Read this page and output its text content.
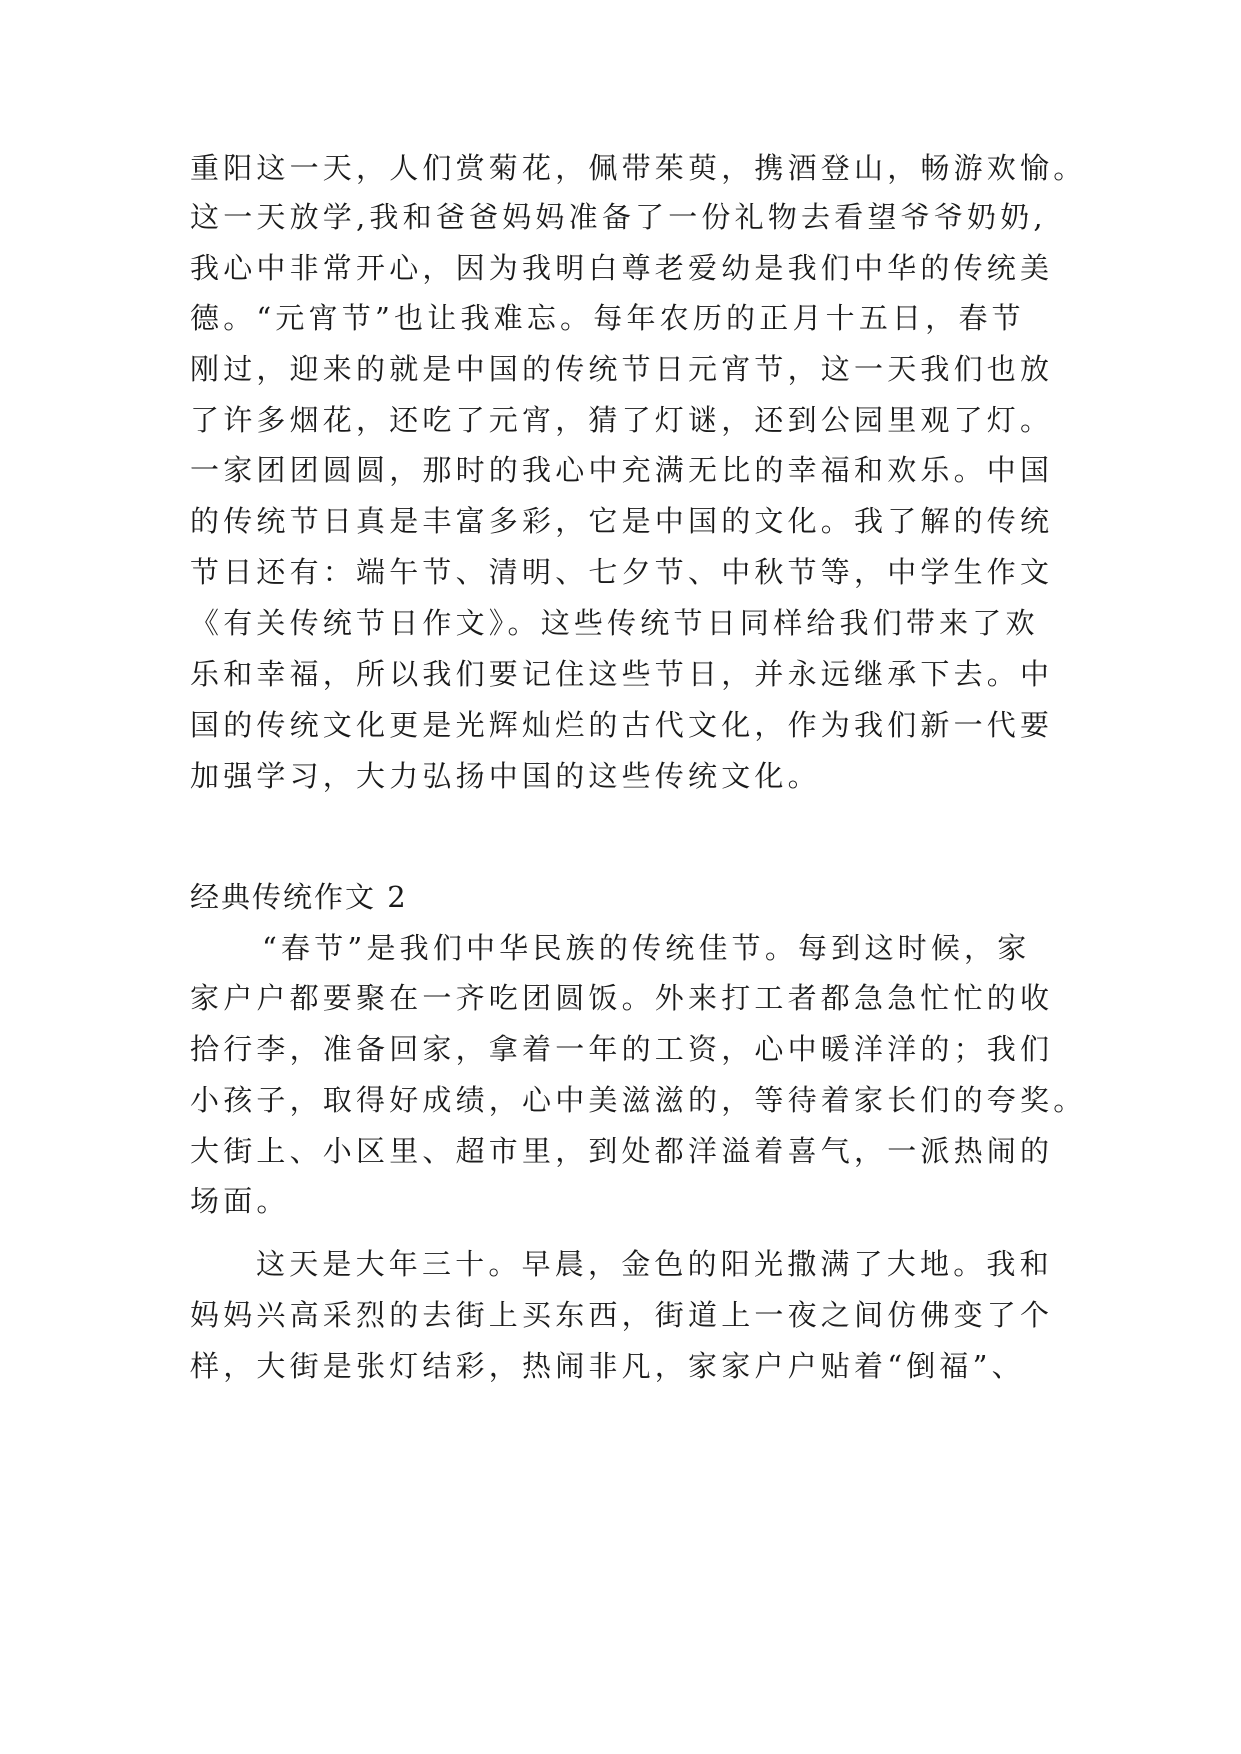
重阳这一天，人们赏菊花，佩带茱萸，携酒登山，畅游欢愉。
这一天放学,我和爸爸妈妈准备了一份礼物去看望爷爷奶奶,
我心中非常开心，因为我明白尊老爱幼是我们中华的传统美
德。“元宵节”也让我难忘。每年农历的正月十五日，春节
刚过，迎来的就是中国的传统节日元宵节，这一天我们也放
了许多烟花，还吃了元宵，猜了灯谜，还到公园里观了灯。
一家团团圆圆，那时的我心中充满无比的幸福和欢乐。中国
的传统节日真是丰富多彩，它是中国的文化。我了解的传统
节日还有：端午节、清明、七夕节、中秋节等，中学生作文
《有关传统节日作文》。这些传统节日同样给我们带来了欢
乐和幸福，所以我们要记住这些节日，并永远继承下去。中
国的传统文化更是光辉灿烂的古代文化，作为我们新一代要
加强学习，大力弘扬中国的这些传统文化。
经典传统作文 2
“春节”是我们中华民族的传统佳节。每到这时候，家
家户户都要聚在一齐吃团圆饭。外来打工者都急急忙忙的收
拾行李，准备回家，拿着一年的工资，心中暖洋洋的；我们
小孩子，取得好成绩，心中美滋滋的，等待着家长们的夸奖。
大街上、小区里、超市里，到处都洋溢着喜气，一派热闹的
场面。
这天是大年三十。早晨，金色的阳光撒满了大地。我和
妈妈兴高采烈的去街上买东西，街道上一夜之间仿佛变了个
样，大街是张灯结彩，热闹非凡，家家户户贴着“倒福”、
